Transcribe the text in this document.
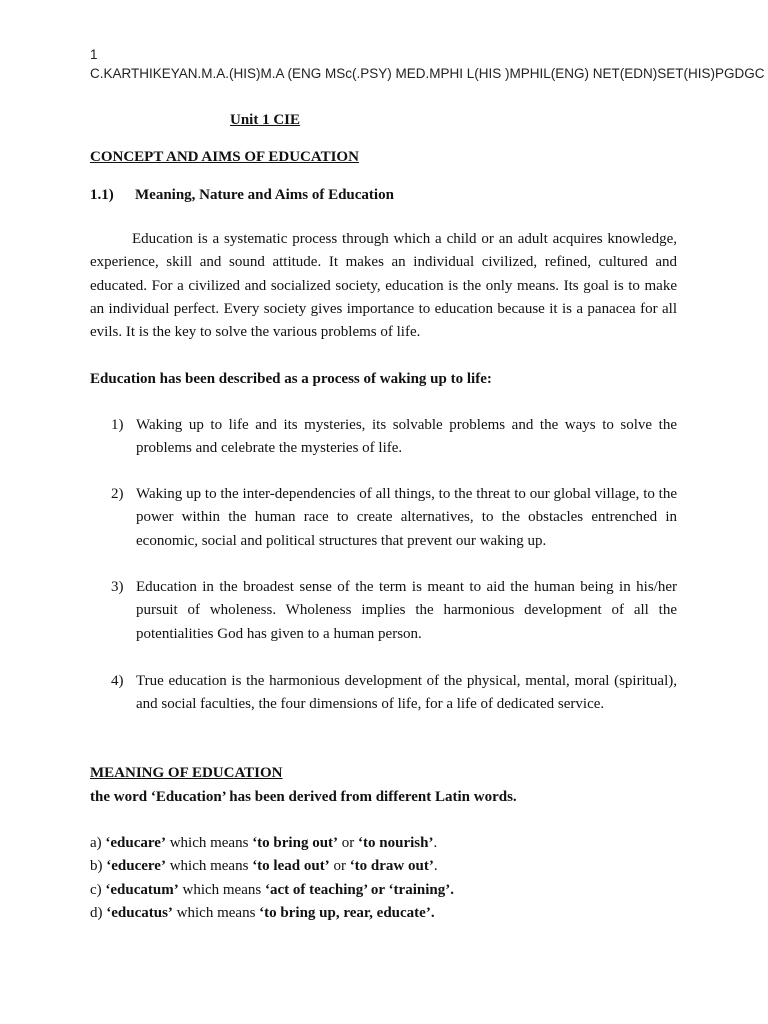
1
C.KARTHIKEYAN.M.A.(HIS)M.A (ENG MSc(.PSY) MED.MPHI L(HIS )MPHIL(ENG) NET(EDN)SET(HIS)PGDGC
Unit 1 CIE
CONCEPT AND AIMS OF EDUCATION
1.1) Meaning, Nature and Aims of Education
Education is a systematic process through which a child or an adult acquires knowledge, experience, skill and sound attitude. It makes an individual civilized, refined, cultured and educated. For a civilized and socialized society, education is the only means. Its goal is to make an individual perfect. Every society gives importance to education because it is a panacea for all evils. It is the key to solve the various problems of life.
Education has been described as a process of waking up to life:
1) Waking up to life and its mysteries, its solvable problems and the ways to solve the problems and celebrate the mysteries of life.
2) Waking up to the inter-dependencies of all things, to the threat to our global village, to the power within the human race to create alternatives, to the obstacles entrenched in economic, social and political structures that prevent our waking up.
3) Education in the broadest sense of the term is meant to aid the human being in his/her pursuit of wholeness. Wholeness implies the harmonious development of all the potentialities God has given to a human person.
4) True education is the harmonious development of the physical, mental, moral (spiritual), and social faculties, the four dimensions of life, for a life of dedicated service.
MEANING OF EDUCATION
the word ‘Education’ has been derived from different Latin words.
a) ‘educare’ which means ‘to bring out’ or ‘to nourish’.
b) ‘educere’ which means ‘to lead out’ or ‘to draw out’.
c) ‘educatum’ which means ‘act of teaching’ or ‘training’.
d) ‘educatus’ which means ‘to bring up, rear, educate’.
